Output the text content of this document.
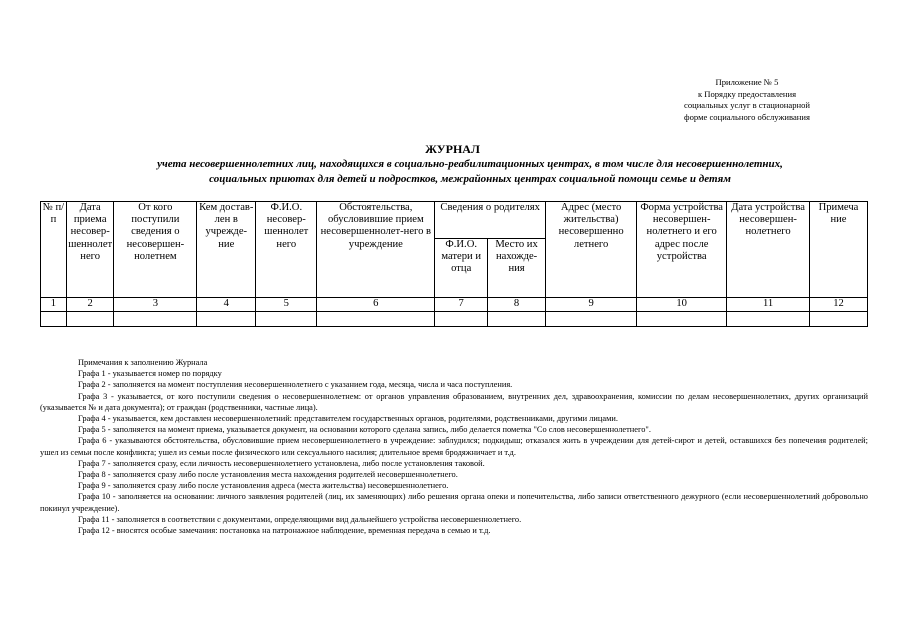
Приложение № 5
к Порядку предоставления
социальных услуг в стационарной
форме социального обслуживания
ЖУРНАЛ
учета несовершеннолетних лиц, находящихся в социально-реабилитационных центрах, в том числе для несовершеннолетних,
социальных приютах для детей и подростков, межрайонных центрах социальной помощи семье и детям
№ п/п	Дата приема несовер-шеннолет него	От кого поступили сведения о несовершен-нолетнем	Кем достав-лен в учрежде-ние	Ф.И.О. несовер-шеннолет него	Обстоятельства, обусловившие прием несовершеннолет-него в учреждение	Сведения о родителях		Адрес (место жительства) несовершенно летнего	Форма устройства несовершен-нолетнего и его адрес после устройства	Дата устройства несовершен-нолетнего	Примеча ние
						Ф.И.О. матери и отца	Место их нахожде-ния				
1	2	3	4	5	6	7	8	9	10	11	12

Примечания к заполнению Журнала

Графа 1 - указывается номер по порядку

Графа 2 - заполняется на момент поступления несовершеннолетнего с указанием года, месяца, числа и часа поступления.

Графа 3 - указывается, от кого поступили сведения о несовершеннолетнем: от органов управления образованием, внутренних дел, здравоохранения, комиссии по делам несовершеннолетних, других организаций (указывается № и дата документа); от граждан (родственники, частные лица).

Графа 4 - указывается, кем доставлен несовершеннолетний: представителем государственных органов, родителями, родственниками, другими лицами.

Графа 5 - заполняется на момент приема, указывается документ, на основании которого сделана запись, либо делается пометка "Со слов несовершеннолетнего".

Графа 6 - указываются обстоятельства, обусловившие прием несовершеннолетнего в учреждение: заблудился; подкидыш; отказался жить в учреждении для детей-сирот и детей, оставшихся без попечения родителей; ушел из семьи после конфликта; ушел из семьи после физического или сексуального насилия; длительное время бродяжничает и т.д.

Графа 7 - заполняется сразу, если личность несовершеннолетнего установлена, либо после установления таковой.

Графа 8 - заполняется сразу либо после установления места нахождения родителей несовершеннолетнего.

Графа 9 - заполняется сразу либо после установления адреса (места жительства) несовершеннолетнего.

Графа 10 - заполняется на основании: личного заявления родителей (лиц, их заменяющих) либо решения органа опеки и попечительства, либо записи ответственного дежурного (если несовершеннолетний добровольно покинул учреждение).

Графа 11 - заполняется в соответствии с документами, определяющими вид дальнейшего устройства несовершеннолетнего.

Графа 12 - вносятся особые замечания: постановка на патронажное наблюдение, временная передача в семью и т.д.
